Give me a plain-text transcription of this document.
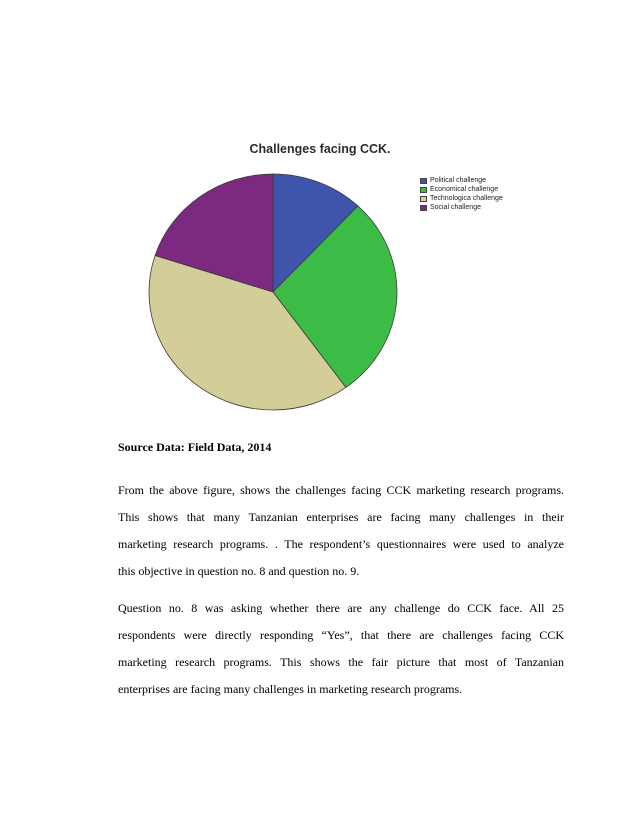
Challenges facing CCK.
Political challenge
Economical challenge
Technologica challenge
Social challenge
Source Data: Field Data, 2014
From the above figure, shows the challenges facing CCK marketing research programs.
This shows that many Tanzanian enterprises are facing many challenges in their
marketing research programs. . The respondent’s questionnaires were used to analyze
this objective in question no. 8 and question no. 9.
Question no. 8 was asking whether there are any challenge do CCK face. All 25
respondents were directly responding “Yes”, that there are challenges facing CCK
marketing research programs. This shows the fair picture that most of Tanzanian
enterprises are facing many challenges in marketing research programs.
